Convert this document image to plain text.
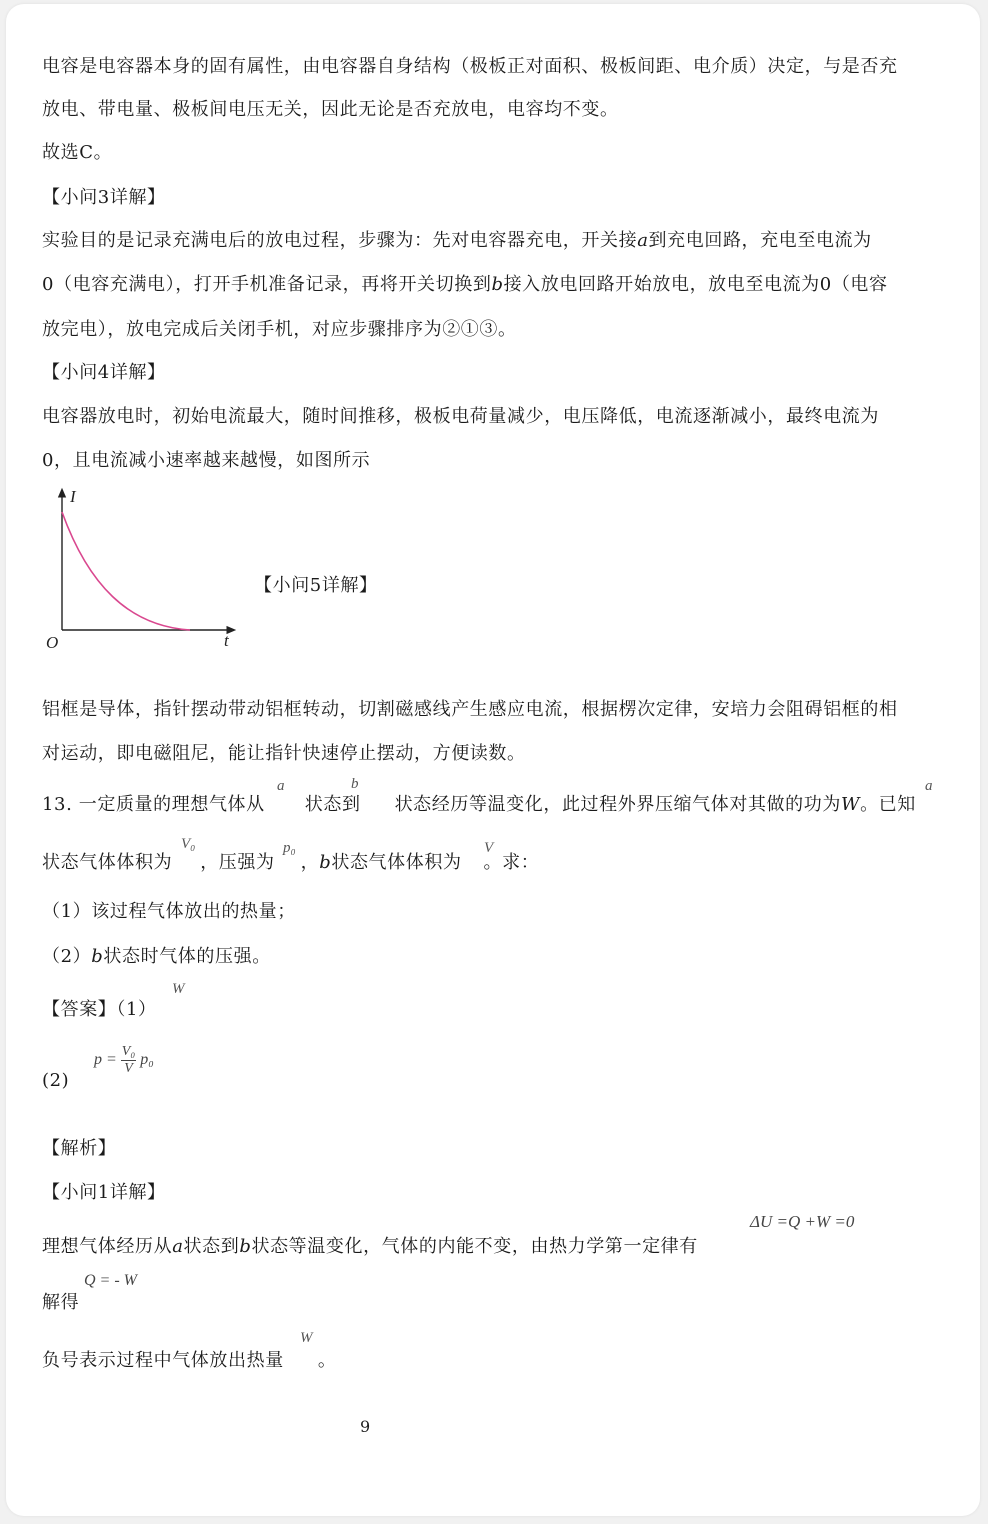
电容是电容器本身的固有属性，由电容器自身结构（极板正对面积、极板间距、电介质）决定，与是否充
放电、带电量、极板间电压无关，因此无论是否充放电，电容均不变。
故选C。
【小问3详解】
实验目的是记录充满电后的放电过程，步骤为：先对电容器充电，开关接a到充电回路，充电至电流为
0（电容充满电），打开手机准备记录，再将开关切换到b接入放电回路开始放电，放电至电流为0（电容
放完电），放电完成后关闭手机，对应步骤排序为②①③。
【小问4详解】
电容器放电时，初始电流最大，随时间推移，极板电荷量减少，电压降低，电流逐渐减小，最终电流为
0，且电流减小速率越来越慢，如图所示
I
t
O
【小问5详解】
铝框是导体，指针摆动带动铝框转动，切割磁感线产生感应电流，根据楞次定律，安培力会阻碍铝框的相
对运动，即电磁阻尼，能让指针快速停止摆动，方便读数。
13. 一定质量的理想气体从 状态到 状态经历等温变化，此过程外界压缩气体对其做的功为W。已知
a	b	a
状态气体体积为 ，压强为 ，b状态气体体积为 。求：
V₀	p₀	V
（1）该过程气体放出的热量；
（2）b状态时气体的压强。
【答案】（1）
W
(2)
$p = \frac{\text{V₀}}{V} p_0$
【解析】
【小问1详解】
理想气体经历从a状态到b状态等温变化，气体的内能不变，由热力学第一定律有
ΔU =Q +W =0
解得
Q = - W
负号表示过程中气体放出热量 。
W
9
